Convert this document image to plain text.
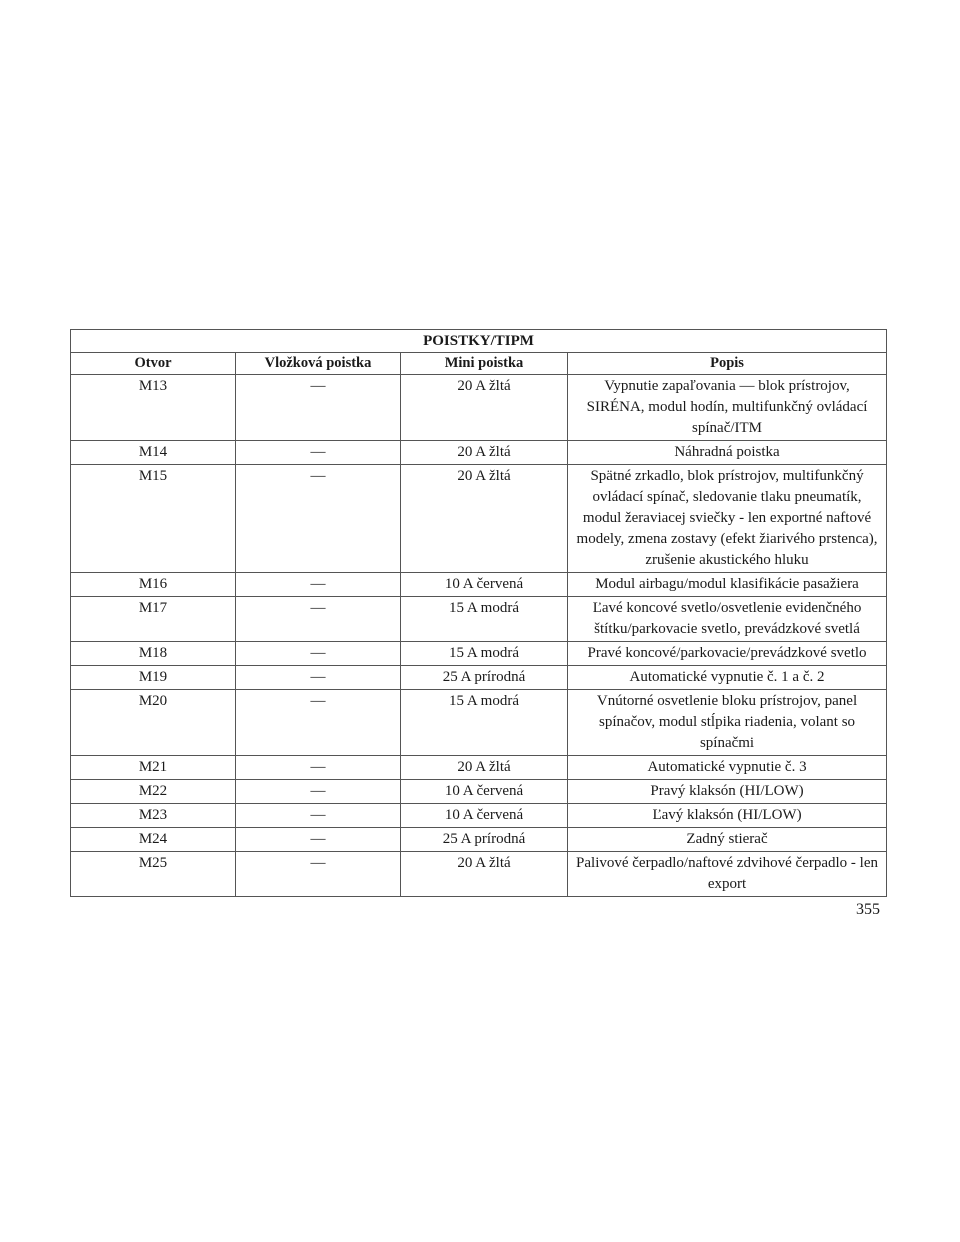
POISTKY/TIPM			
Otvor	Vložková poistka	Mini poistka	Popis
M13	—	20 A žltá	Vypnutie zapaľovania — blok prístrojov, SIRÉNA, modul hodín, multifunkčný ovládací spínač/ITM
M14	—	20 A žltá	Náhradná poistka
M15	—	20 A žltá	Spätné zrkadlo, blok prístrojov, multifunkčný ovládací spínač, sledovanie tlaku pneumatík, modul žeraviacej sviečky - len exportné naftové modely, zmena zostavy (efekt žiarivého prstenca), zrušenie akustického hluku
M16	—	10 A červená	Modul airbagu/modul klasifikácie pasažiera
M17	—	15 A modrá	Ľavé koncové svetlo/osvetlenie evidenčného štítku/parkovacie svetlo, prevádzkové svetlá
M18	—	15 A modrá	Pravé koncové/parkovacie/prevádzkové svetlo
M19	—	25 A prírodná	Automatické vypnutie č. 1 a č. 2
M20	—	15 A modrá	Vnútorné osvetlenie bloku prístrojov, panel spínačov, modul stĺpika riadenia, volant so spínačmi
M21	—	20 A žltá	Automatické vypnutie č. 3
M22	—	10 A červená	Pravý klaksón (HI/LOW)
M23	—	10 A červená	Ľavý klaksón (HI/LOW)
M24	—	25 A prírodná	Zadný stierač
M25	—	20 A žltá	Palivové čerpadlo/naftové zdvihové čerpadlo - len export
355
